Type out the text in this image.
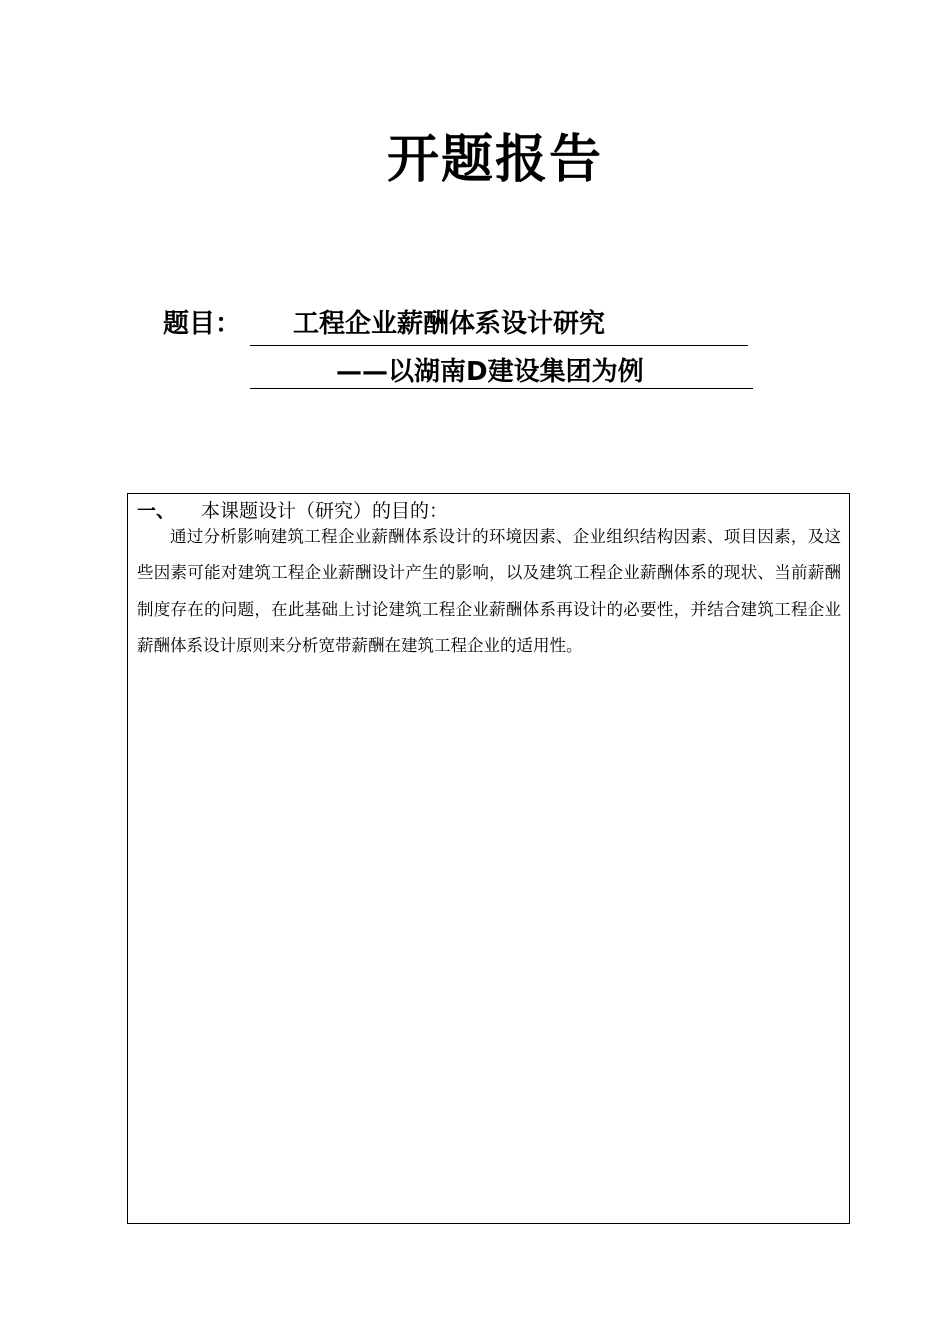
开题报告
题目： 工程企业薪酬体系设计研究
——以湖南D建设集团为例
一、 本课题设计（研究）的目的：

通过分析影响建筑工程企业薪酬体系设计的环境因素、企业组织结构因素、项目因素，及这些因素可能对建筑工程企业薪酬设计产生的影响，以及建筑工程企业薪酬体系的现状、当前薪酬制度存在的问题，在此基础上讨论建筑工程企业薪酬体系再设计的必要性，并结合建筑工程企业薪酬体系设计原则来分析宽带薪酬在建筑工程企业的适用性。
